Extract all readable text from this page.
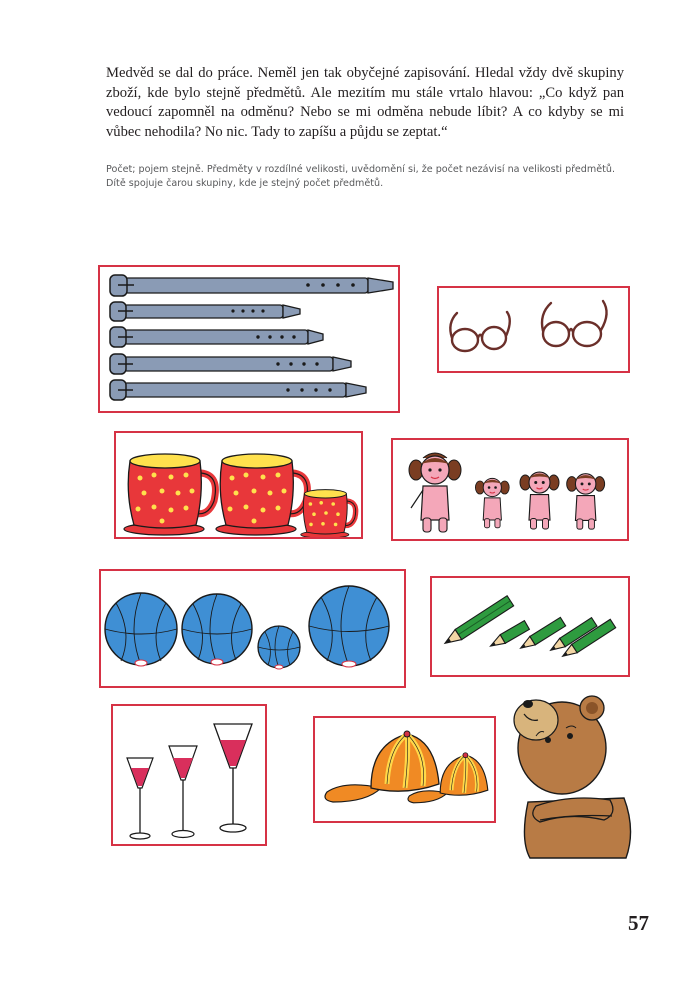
Medvěd se dal do práce. Neměl jen tak obyčejné zapisování. Hledal vždy dvě skupiny zboží, kde bylo stejně předmětů. Ale mezitím mu stále vrtalo hlavou: „Co když pan vedoucí zapomněl na odměnu? Nebo se mi odměna nebude líbit? A co kdyby se mi vůbec nehodila? No nic. Tady to zapíšu a půjdu se zeptat.“

Počet; pojem stejně. Předměty v rozdílné velikosti, uvědomění si, že počet nezávisí na velikosti předmětů. Dítě spojuje čarou skupiny, kde je stejný počet předmětů.

57
